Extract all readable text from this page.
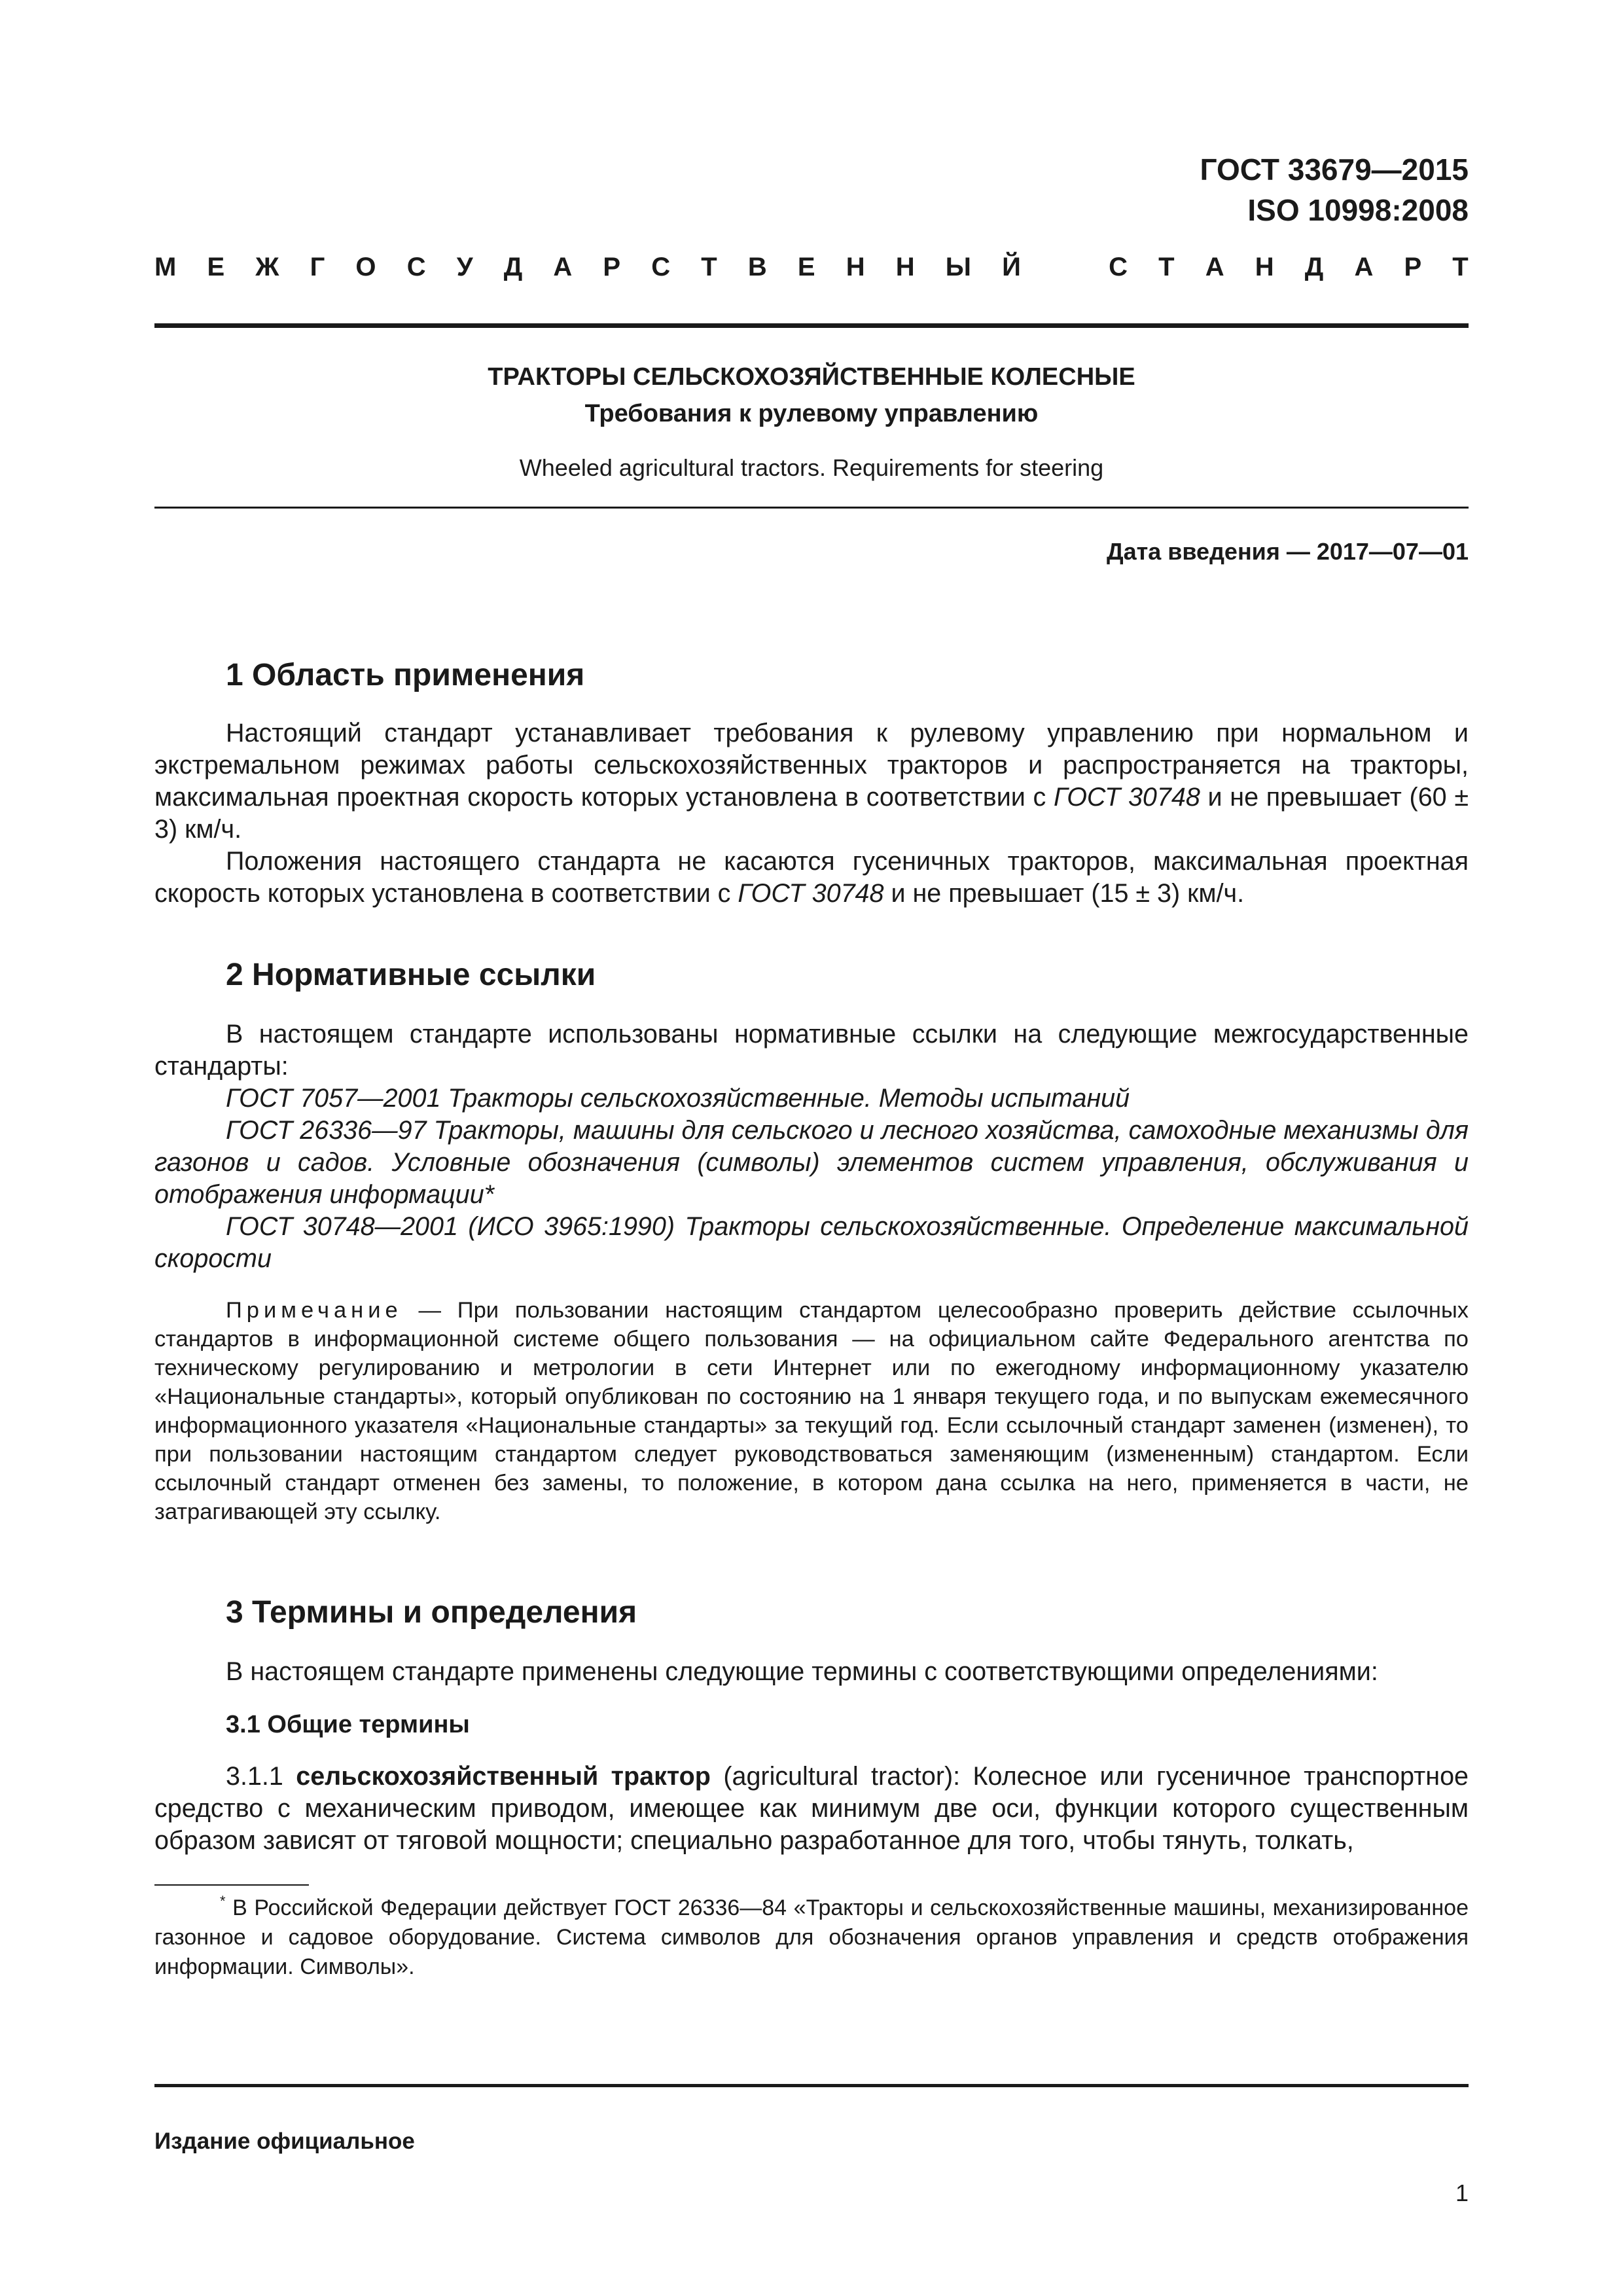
ГОСТ 33679—2015
ISO 10998:2008
М Е Ж Г О С У Д А Р С Т В Е Н Н Ы Й	С Т А Н Д А Р Т
ТРАКТОРЫ СЕЛЬСКОХОЗЯЙСТВЕННЫЕ КОЛЕСНЫЕ
Требования к рулевому управлению
Wheeled agricultural tractors. Requirements for steering
Дата введения — 2017—07—01
1 Область применения
Настоящий стандарт устанавливает требования к рулевому управлению при нормальном и экстремальном режимах работы сельскохозяйственных тракторов и распространяется на тракторы, максимальная проектная скорость которых установлена в соответствии с ГОСТ 30748 и не превышает (60 ± 3) км/ч.
Положения настоящего стандарта не касаются гусеничных тракторов, максимальная проектная скорость которых установлена в соответствии с ГОСТ 30748 и не превышает (15 ± 3) км/ч.
2 Нормативные ссылки
В настоящем стандарте использованы нормативные ссылки на следующие межгосударственные стандарты:
ГОСТ 7057—2001 Тракторы сельскохозяйственные. Методы испытаний
ГОСТ 26336—97 Тракторы, машины для сельского и лесного хозяйства, самоходные механизмы для газонов и садов. Условные обозначения (символы) элементов систем управления, обслуживания и отображения информации*
ГОСТ 30748—2001 (ИСО 3965:1990) Тракторы сельскохозяйственные. Определение максимальной скорости
Примечание — При пользовании настоящим стандартом целесообразно проверить действие ссылочных стандартов в информационной системе общего пользования — на официальном сайте Федерального агентства по техническому регулированию и метрологии в сети Интернет или по ежегодному информационному указателю «Национальные стандарты», который опубликован по состоянию на 1 января текущего года, и по выпускам ежемесячного информационного указателя «Национальные стандарты» за текущий год. Если ссылочный стандарт заменен (изменен), то при пользовании настоящим стандартом следует руководствоваться заменяющим (измененным) стандартом. Если ссылочный стандарт отменен без замены, то положение, в котором дана ссылка на него, применяется в части, не затрагивающей эту ссылку.
3 Термины и определения
В настоящем стандарте применены следующие термины с соответствующими определениями:
3.1 Общие термины
3.1.1 сельскохозяйственный трактор (agricultural tractor): Колесное или гусеничное транспортное средство с механическим приводом, имеющее как минимум две оси, функции которого существенным образом зависят от тяговой мощности; специально разработанное для того, чтобы тянуть, толкать,
* В Российской Федерации действует ГОСТ 26336—84 «Тракторы и сельскохозяйственные машины, механизированное газонное и садовое оборудование. Система символов для обозначения органов управления и средств отображения информации. Символы».
Издание официальное
1
